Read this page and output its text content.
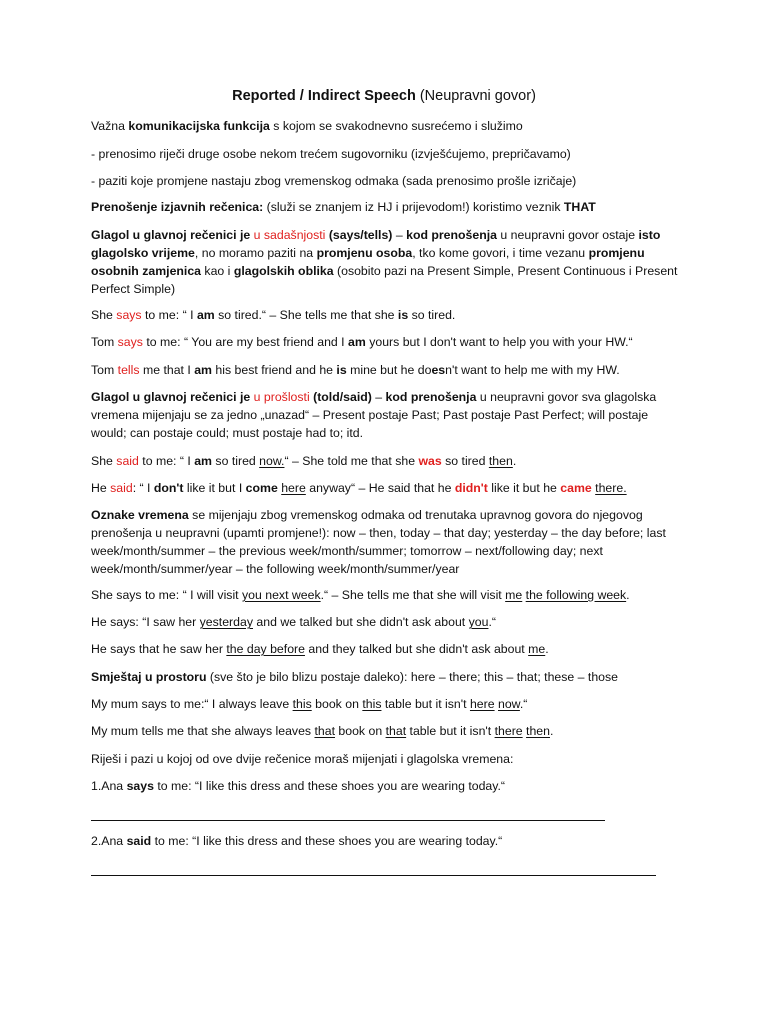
Reported / Indirect Speech (Neupravni govor)

Važna komunikacijska funkcija s kojom se svakodnevno susrećemo i služimo

- prenosimo riječi druge osobe nekom trećem sugovorniku (izvješćujemo, prepričavamo)

- paziti koje promjene nastaju zbog vremenskog odmaka (sada prenosimo prošle izričaje)

Prenošenje izjavnih rečenica: (služi se znanjem iz HJ i prijevodom!) koristimo veznik THAT

Glagol u glavnoj rečenici je u sadašnjosti (says/tells) – kod prenošenja u neupravni govor ostaje isto glagolsko vrijeme, no moramo paziti na promjenu osoba, tko kome govori, i time vezanu promjenu osobnih zamjenica kao i glagolskih oblika (osobito pazi na Present Simple, Present Continuous i Present Perfect Simple)

She says to me: “ I am so tired.“ – She tells me that she is so tired.

Tom says to me: “ You are my best friend and I am yours but I don't want to help you with your HW.“

Tom tells me that I am his best friend and he is mine but he doesn't want to help me with my HW.

Glagol u glavnoj rečenici je u prošlosti (told/said) – kod prenošenja u neupravni govor sva glagolska vremena mijenjaju se za jedno „unazad“ – Present postaje Past; Past postaje Past Perfect; will postaje would; can postaje could; must postaje had to; itd.

She said to me: “ I am so tired now.“ – She told me that she was so tired then.

He said: “ I don't like it but I come here anyway“ – He said that he didn't like it but he came there.

Oznake vremena se mijenjaju zbog vremenskog odmaka od trenutaka upravnog govora do njegovog prenošenja u neupravni (upamti promjene!): now – then, today – that day; yesterday – the day before; last week/month/summer – the previous week/month/summer; tomorrow – next/following day; next week/month/summer/year – the following week/month/summer/year

She says to me: “ I will visit you next week.“ – She tells me that she will visit me the following week.

He says: “I saw her yesterday and we talked but she didn't ask about you.“

He says that he saw her the day before and they talked but she didn't ask about me.

Smještaj u prostoru (sve što je bilo blizu postaje daleko): here – there; this – that; these – those

My mum says to me:“ I always leave this book on this table but it isn't here now.“

My mum tells me that she always leaves that book on that table but it isn't there then.

Riješi i pazi u kojoj od ove dvije rečenice moraš mijenjati i glagolska vremena:

1.Ana says to me: “I like this dress and these shoes you are wearing today.“

2.Ana said to me: “I like this dress and these shoes you are wearing today.“
